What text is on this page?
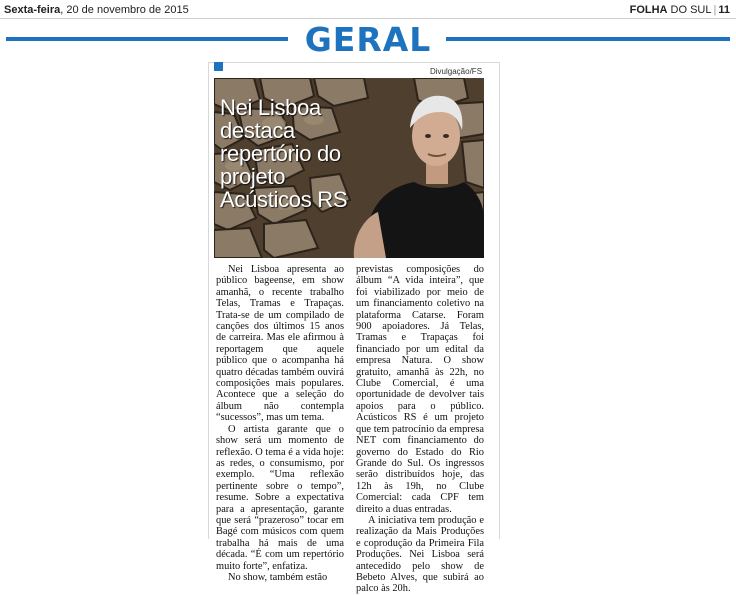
Sexta-feira, 20 de novembro de 2015	FOLHA DO SUL | 11
GERAL
Divulgação/FS
Nei Lisboa destaca repertório do projeto Acústicos RS

Nei Lisboa apresenta ao público bageense, em show amanhã, o recente trabalho Telas, Tramas e Trapaças. Trata-se de um compilado de canções dos últimos 15 anos de carreira. Mas ele afirmou à reportagem que aquele público que o acompanha há quatro décadas também ouvirá composições mais populares. Acontece que a seleção do álbum não contempla “sucessos”, mas um tema.

O artista garante que o show será um momento de reflexão. O tema é a vida hoje: as redes, o consumismo, por exemplo. “Uma reflexão pertinente sobre o tempo”, resume. Sobre a expectativa para a apresentação, garante que será “prazeroso” tocar em Bagé com músicos com quem trabalha há mais de uma década. “É com um repertório muito forte”, enfatiza.

No show, também estão

previstas composições do álbum “A vida inteira”, que foi viabilizado por meio de um financiamento coletivo na plataforma Catarse. Foram 900 apoiadores. Já Telas, Tramas e Trapaças foi financiado por um edital da empresa Natura. O show gratuito, amanhã às 22h, no Clube Comercial, é uma oportunidade de devolver tais apoios para o público. Acústicos RS é um projeto que tem patrocínio da empresa NET com financiamento do governo do Estado do Rio Grande do Sul. Os ingressos serão distribuídos hoje, das 12h às 19h, no Clube Comercial: cada CPF tem direito a duas entradas.

A iniciativa tem produção e realização da Mais Produções e coprodução da Primeira Fila Produções. Nei Lisboa será antecedido pelo show de Bebeto Alves, que subirá ao palco às 20h.
